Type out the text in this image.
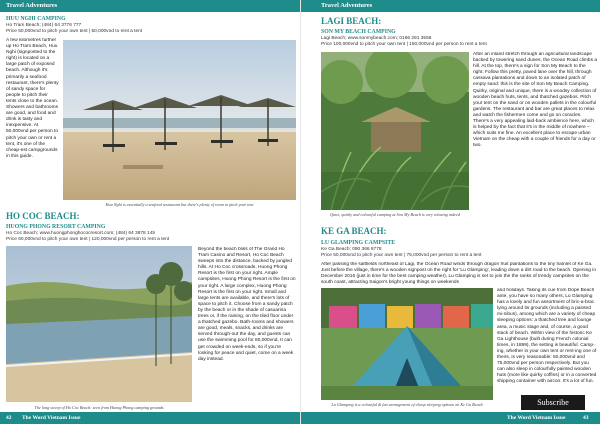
Travel Adventures
HUU NGHI CAMPING
Ho Tram Beach; (484) 64 3776 777
Price 50,000vnd to pitch your own tent | 50,000vnd to rent a tent
A few kilometres further up Ho Tram Beach, Huu Nghi (signposted to the right) is located on a large patch of exposed beach. Although it's primarily a seafood restaurant, there's plenty of sandy space for people to pitch their tents close to the ocean. Showers and bathrooms are good, and food and drink is tasty and inexpensive. At 50,000vnd per person to pitch your own or rent a tent, it's one of the cheap-est campgrounds in this guide.
Huu Nghi is essentially a seafood restaurant but there's plenty of room to pitch your tent
HO COC BEACH:
HUONG PHONG RESORT CAMPING
Ho Coc Beach; www.huongphonghococresort.com; (484) 64 3878 145
Price 60,000vnd to pitch your own tent | 120,000vnd per person to rent a tent
The long sweep of Ho Coc Beach: seen from Huong Phong camping grounds
Beyond the beach bliss of The Grand Ho Tram Casino and Resort, Ho Coc Beach sweeps into the distance, backed by jungled hills. At Ho Coc crossroads, Huong Phong Resort is the first on your right. Ample campsites, Huong Phong Resort is the first on your right. A large complex, Huong Phong Resort is the first on your right. Small and large tents are available, and there's lots of space to pitch it. Choose from a sandy patch by the beach or in the shade of casuarina trees or, if the raining, on the tiled floor under a thatched gazebo. Bath-rooms and showers are good, meals, snacks, and drinks are served through-out the day, and guests can use the swimming pool for 80,000vnd. It can get crowded on week-ends, so if you're looking for peace and quiet, come on a week day instead.
42 The Word Vietnam Issue
Travel Adventures
LAGI BEACH:
SON MY BEACH CAMPING
Lagi Beach; www.sonmybeach.com; 0166 291 3558
Price 100,000vnd to pitch your own tent | 150,000vnd per person to rent a tent
Quiet, quirky and colourful camping at Son My Beach is very relaxing indeed
After an inland stretch through an agricultural landscape backed by towering sand dunes, the Ocean Road climbs a hill. At the top, there's a sign for Son My Beach to the right. Follow this pretty, paved lane over the hill, through cassava plantations and down to an isolated patch of empty sand: this is the site of Son My Beach Camping. Quirky, original and unique, there is a woodsy collection of wooden beach huts, tents, and thatched gazebos. Pitch your tent on the sand or on wooden pallets in the colourful gardens. The restaurant and bar are great places to relax and watch the fishermen come and go on coracles. There's a very appealing laid-back ambience here, which is helped by the fact that it's in the middle of nowhere – which suits me fine. An excellent place to escape urban Vietnam on the cheap with a couple of friends for a day or two.
KE GA BEACH:
LU GLAMPING CAMPSITE
Ke Ga Beach; 090 366 6778
Price 50,000vnd to pitch your own tent | 75,000vnd per person to rent a tent
After passing the saltfields northeast of Lagi, the Ocean Road winds through dragon fruit plantations to the tiny hamlet of Ke Ga. Just before the village, there's a wooden signpost on the right for 'Lu Glamping', leading down a dirt road to the beach. Opening in December 2016 (just in time for the best camping weather), Lu Glamping is set to join the the ranks of trendy campsites on the south coast, attracting Saigon's bright young things on weekends
Lu Glamping is a colourful & fun arrangement of cheap sleeping options on Ke Ga Beach
and holidays. Taking its cue from Dope Beach ante, you have so many others, Lu Glamping has a lovely and fun assortment of bric-a-brac lying around its grounds (including a painted mi-nibus), among which are a variety of cheap sleeping options: a thatched tree and lounge area, a music stage and, of course, a good stack of beach. Within view of the historic Ke Ga Lighthouse (built during French colonial times, in 1899), the setting is beautiful. Camp-ing, whether in your own tent or rent-ing one of theirs, is very reasonable: 50,000vnd and 75,000vnd per person respectively. But you can also sleep in colourfully painted wooden huts (more like quirky coffins) or in a converted shipping container with aircon. It's a lot of fun.
Subscribe
The Word Vietnam Issue	43
